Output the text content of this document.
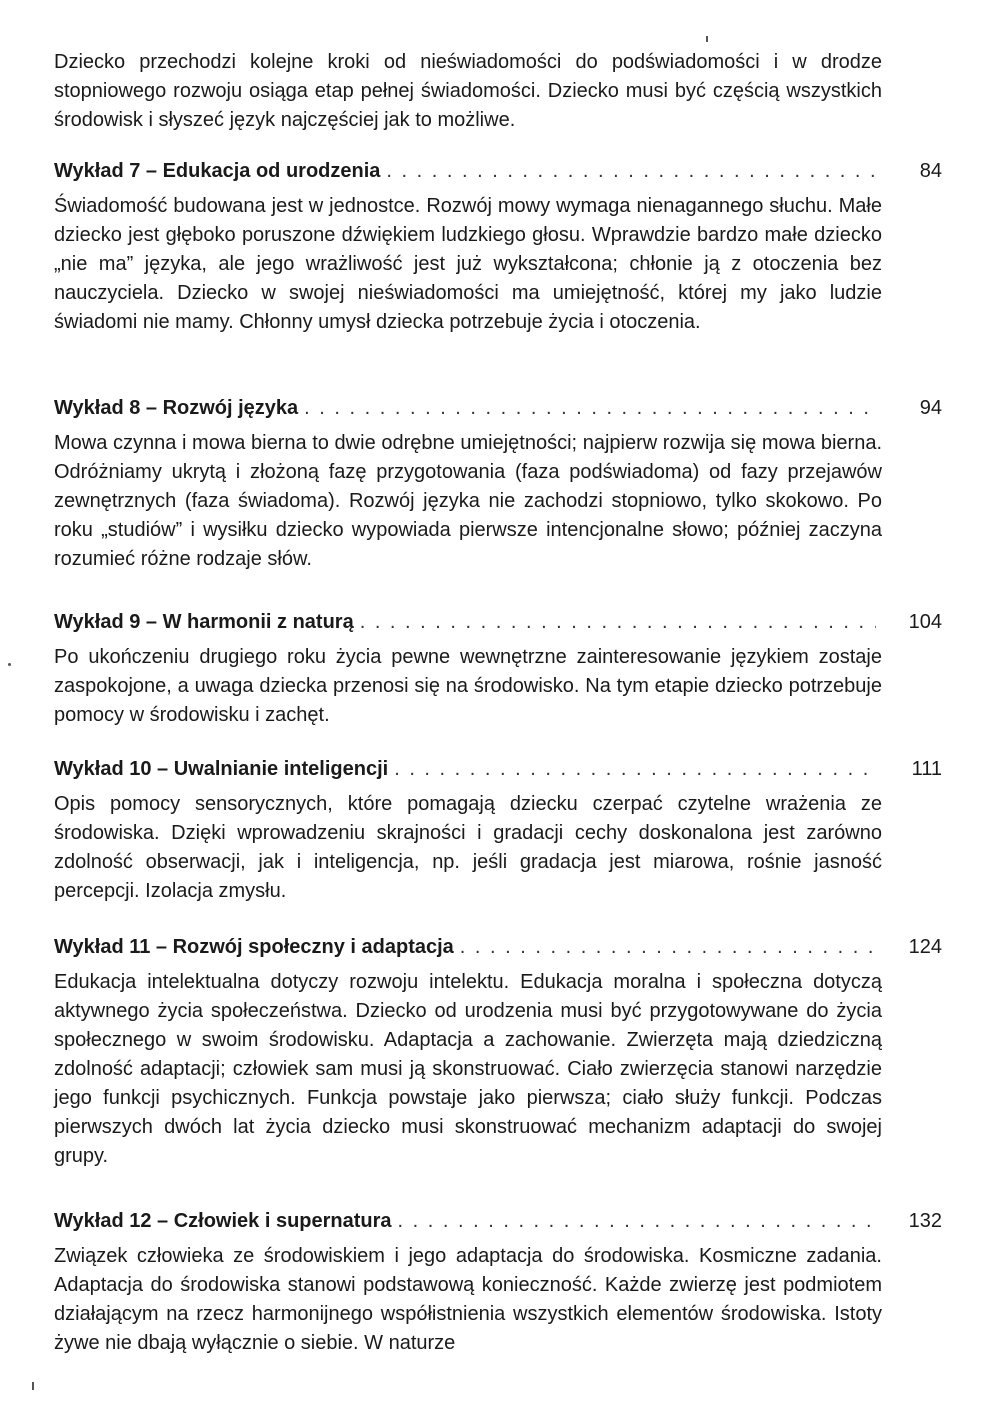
Dziecko przechodzi kolejne kroki od nieświadomości do podświadomości i w drodze stopniowego rozwoju osiąga etap pełnej świadomości. Dziecko musi być częścią wszystkich środowisk i słyszeć język najczęściej jak to możliwe.

Wykład 7 – Edukacja od urodzenia . . .	84

Świadomość budowana jest w jednostce. Rozwój mowy wymaga nienagannego słuchu. Małe dziecko jest głęboko poruszone dźwiękiem ludzkiego głosu. Wprawdzie bardzo małe dziecko „nie ma” języka, ale jego wrażliwość jest już wykształcona; chłonie ją z otoczenia bez nauczyciela. Dziecko w swojej nieświadomości ma umiejętność, której my jako ludzie świadomi nie mamy. Chłonny umysł dziecka potrzebuje życia i otoczenia.

Wykład 8 – Rozwój języka . . .	94

Mowa czynna i mowa bierna to dwie odrębne umiejętności; najpierw rozwija się mowa bierna. Odróżniamy ukrytą i złożoną fazę przygotowania (faza podświadoma) od fazy przejawów zewnętrznych (faza świadoma). Rozwój języka nie zachodzi stopniowo, tylko skokowo. Po roku „studiów” i wysiłku dziecko wypowiada pierwsze intencjonalne słowo; później zaczyna rozumieć różne rodzaje słów.

Wykład 9 – W harmonii z naturą . . .	104

Po ukończeniu drugiego roku życia pewne wewnętrzne zainteresowanie językiem zostaje zaspokojone, a uwaga dziecka przenosi się na środowisko. Na tym etapie dziecko potrzebuje pomocy w środowisku i zachęt.

Wykład 10 – Uwalnianie inteligencji . . .	111

Opis pomocy sensorycznych, które pomagają dziecku czerpać czytelne wrażenia ze środowiska. Dzięki wprowadzeniu skrajności i gradacji cechy doskonalona jest zarówno zdolność obserwacji, jak i inteligencja, np. jeśli gradacja jest miarowa, rośnie jasność percepcji. Izolacja zmysłu.

Wykład 11 – Rozwój społeczny i adaptacja . . .	124

Edukacja intelektualna dotyczy rozwoju intelektu. Edukacja moralna i społeczna dotyczą aktywnego życia społeczeństwa. Dziecko od urodzenia musi być przygotowywane do życia społecznego w swoim środowisku. Adaptacja a zachowanie. Zwierzęta mają dziedziczną zdolność adaptacji; człowiek sam musi ją skonstruować. Ciało zwierzęcia stanowi narzędzie jego funkcji psychicznych. Funkcja powstaje jako pierwsza; ciało służy funkcji. Podczas pierwszych dwóch lat życia dziecko musi skonstruować mechanizm adaptacji do swojej grupy.

Wykład 12 – Człowiek i supernatura . . .	132

Związek człowieka ze środowiskiem i jego adaptacja do środowiska. Kosmiczne zadania. Adaptacja do środowiska stanowi podstawową konieczność. Każde zwierzę jest podmiotem działającym na rzecz harmonijnego współistnienia wszystkich elementów środowiska. Istoty żywe nie dbają wyłącznie o siebie. W naturze
